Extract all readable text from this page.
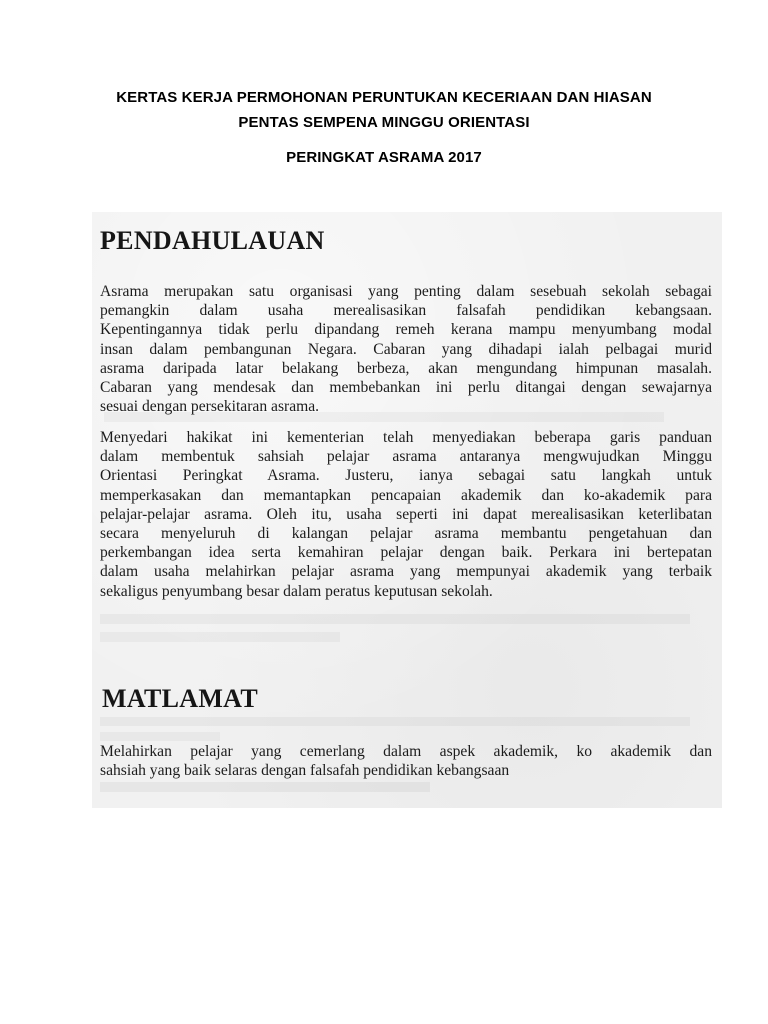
KERTAS KERJA PERMOHONAN PERUNTUKAN KECERIAAN DAN HIASAN
PENTAS SEMPENA MINGGU ORIENTASI
PERINGKAT ASRAMA 2017
PENDAHULAUAN
Asrama merupakan satu organisasi yang penting dalam sesebuah sekolah sebagai
pemangkin dalam usaha merealisasikan falsafah pendidikan kebangsaan.
Kepentingannya tidak perlu dipandang remeh kerana mampu menyumbang modal
insan dalam pembangunan Negara. Cabaran yang dihadapi ialah pelbagai murid
asrama daripada latar belakang berbeza, akan mengundang himpunan masalah.
Cabaran yang mendesak dan membebankan ini perlu ditangai dengan sewajarnya
sesuai dengan persekitaran asrama.
Menyedari hakikat ini kementerian telah menyediakan beberapa garis panduan
dalam membentuk sahsiah pelajar asrama antaranya mengwujudkan Minggu
Orientasi Peringkat Asrama. Justeru, ianya sebagai satu langkah untuk
memperkasakan dan memantapkan pencapaian akademik dan ko-akademik para
pelajar-pelajar asrama. Oleh itu, usaha seperti ini dapat merealisasikan keterlibatan
secara menyeluruh di kalangan pelajar asrama membantu pengetahuan dan
perkembangan idea serta kemahiran pelajar dengan baik. Perkara ini bertepatan
dalam usaha melahirkan pelajar asrama yang mempunyai akademik yang terbaik
sekaligus penyumbang besar dalam peratus keputusan sekolah.
MATLAMAT
Melahirkan pelajar yang cemerlang dalam aspek akademik, ko akademik dan
sahsiah yang baik selaras dengan falsafah pendidikan kebangsaan
